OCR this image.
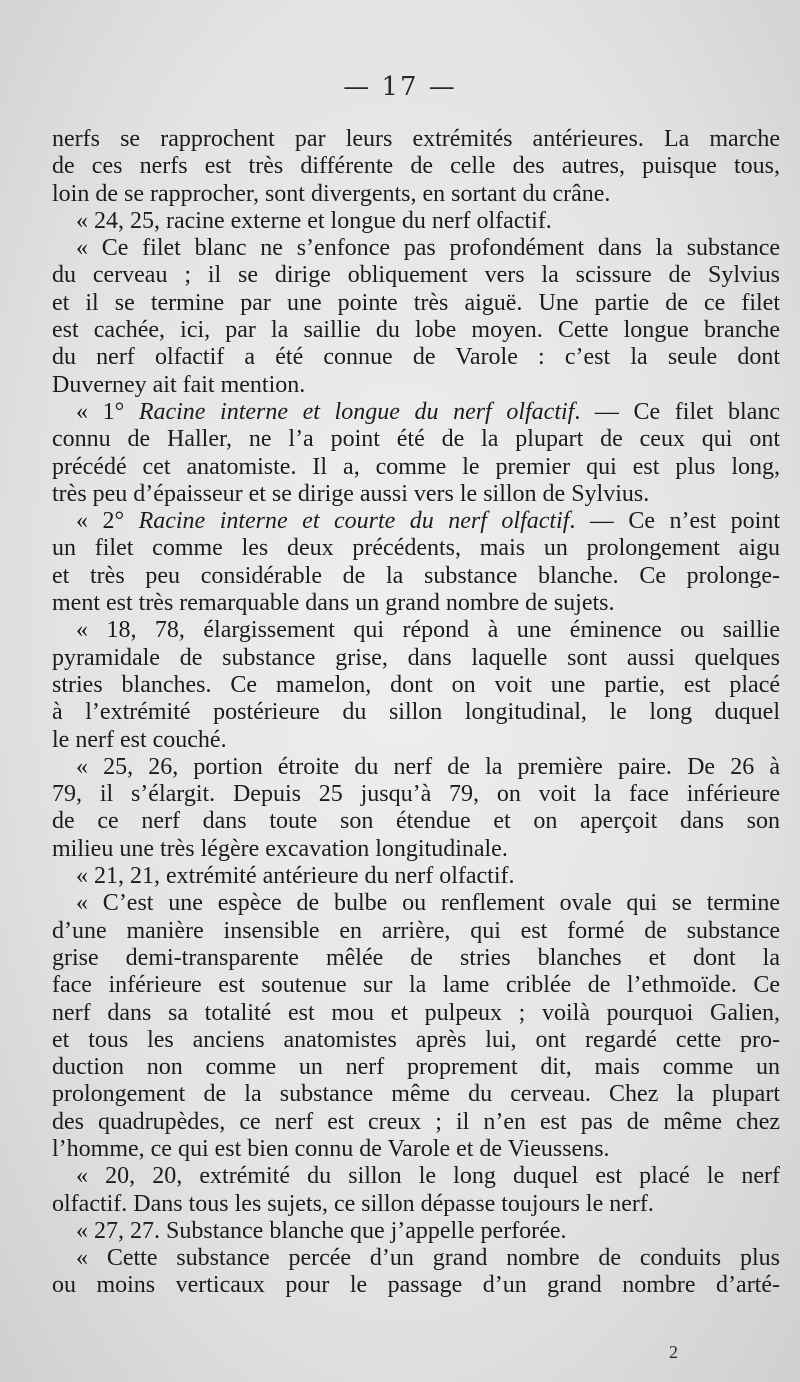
— 17 —
nerfs se rapprochent par leurs extrémités antérieures. La marche
de ces nerfs est très différente de celle des autres, puisque tous,
loin de se rapprocher, sont divergents, en sortant du crâne.
« 24, 25, racine externe et longue du nerf olfactif.
« Ce filet blanc ne s’enfonce pas profondément dans la substance
du cerveau ; il se dirige obliquement vers la scissure de Sylvius
et il se termine par une pointe très aiguë. Une partie de ce filet
est cachée, ici, par la saillie du lobe moyen. Cette longue branche
du nerf olfactif a été connue de Varole : c’est la seule dont
Duverney ait fait mention.
« 1° Racine interne et longue du nerf olfactif. — Ce filet blanc
connu de Haller, ne l’a point été de la plupart de ceux qui ont
précédé cet anatomiste. Il a, comme le premier qui est plus long,
très peu d’épaisseur et se dirige aussi vers le sillon de Sylvius.
« 2° Racine interne et courte du nerf olfactif. — Ce n’est point
un filet comme les deux précédents, mais un prolongement aigu
et très peu considérable de la substance blanche. Ce prolonge-
ment est très remarquable dans un grand nombre de sujets.
« 18, 78, élargissement qui répond à une éminence ou saillie
pyramidale de substance grise, dans laquelle sont aussi quelques
stries blanches. Ce mamelon, dont on voit une partie, est placé
à l’extrémité postérieure du sillon longitudinal, le long duquel
le nerf est couché.
« 25, 26, portion étroite du nerf de la première paire. De 26 à
79, il s’élargit. Depuis 25 jusqu’à 79, on voit la face inférieure
de ce nerf dans toute son étendue et on aperçoit dans son
milieu une très légère excavation longitudinale.
« 21, 21, extrémité antérieure du nerf olfactif.
« C’est une espèce de bulbe ou renflement ovale qui se termine
d’une manière insensible en arrière, qui est formé de substance
grise demi-transparente mêlée de stries blanches et dont la
face inférieure est soutenue sur la lame criblée de l’ethmoïde. Ce
nerf dans sa totalité est mou et pulpeux ; voilà pourquoi Galien,
et tous les anciens anatomistes après lui, ont regardé cette pro-
duction non comme un nerf proprement dit, mais comme un
prolongement de la substance même du cerveau. Chez la plupart
des quadrupèdes, ce nerf est creux ; il n’en est pas de même chez
l’homme, ce qui est bien connu de Varole et de Vieussens.
« 20, 20, extrémité du sillon le long duquel est placé le nerf
olfactif. Dans tous les sujets, ce sillon dépasse toujours le nerf.
« 27, 27. Substance blanche que j’appelle perforée.
« Cette substance percée d’un grand nombre de conduits plus
ou moins verticaux pour le passage d’un grand nombre d’arté-
2
